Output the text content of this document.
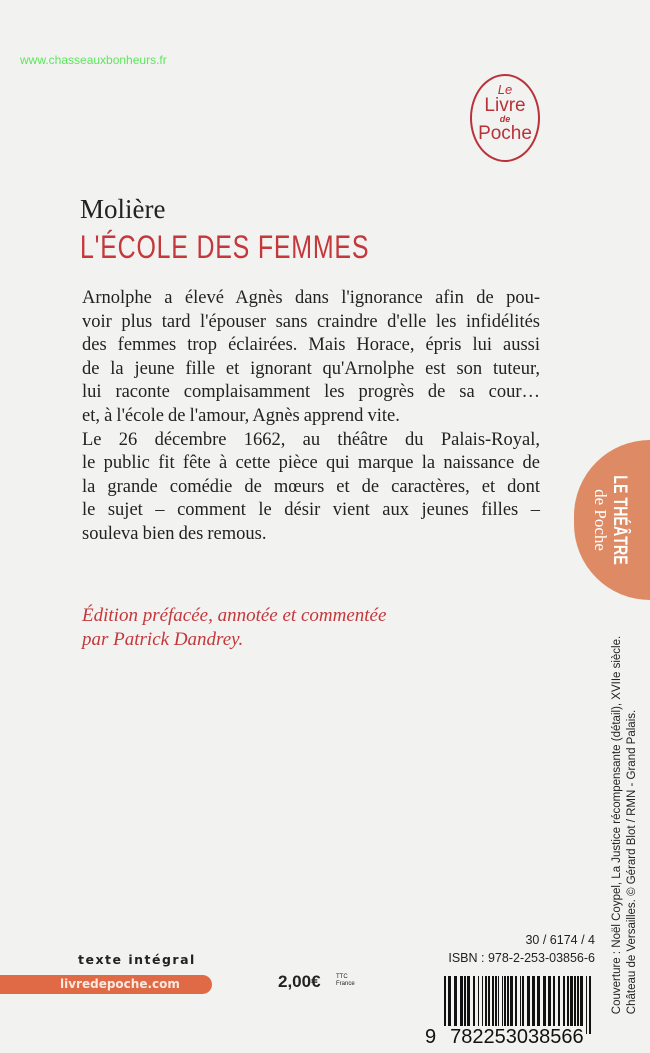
www.chasseauxbonheurs.fr
Le
Livre
de
Poche
Molière
L'ÉCOLE DES FEMMES
Arnolphe a élevé Agnès dans l'ignorance afin de pou-
voir plus tard l'épouser sans craindre d'elle les infidélités
des femmes trop éclairées. Mais Horace, épris lui aussi
de la jeune fille et ignorant qu'Arnolphe est son tuteur,
lui raconte complaisamment les progrès de sa cour…
et, à l'école de l'amour, Agnès apprend vite.
Le 26 décembre 1662, au théâtre du Palais-Royal,
le public fit fête à cette pièce qui marque la naissance de
la grande comédie de mœurs et de caractères, et dont
le sujet – comment le désir vient aux jeunes filles –
souleva bien des remous.
Édition préfacée, annotée et commentée
par Patrick Dandrey.
LE THÉÂTRE
de Poche
Couverture : Noël Coypel, La Justice récompensante (détail), XVIIe siècle. Château de Versailles. © Gérard Blot / RMN - Grand Palais.
texte intégral
livredepoche.com	2,00€	TTC
France
30 / 6174 / 4
ISBN : 978-2-253-03856-6
9 782253038566
